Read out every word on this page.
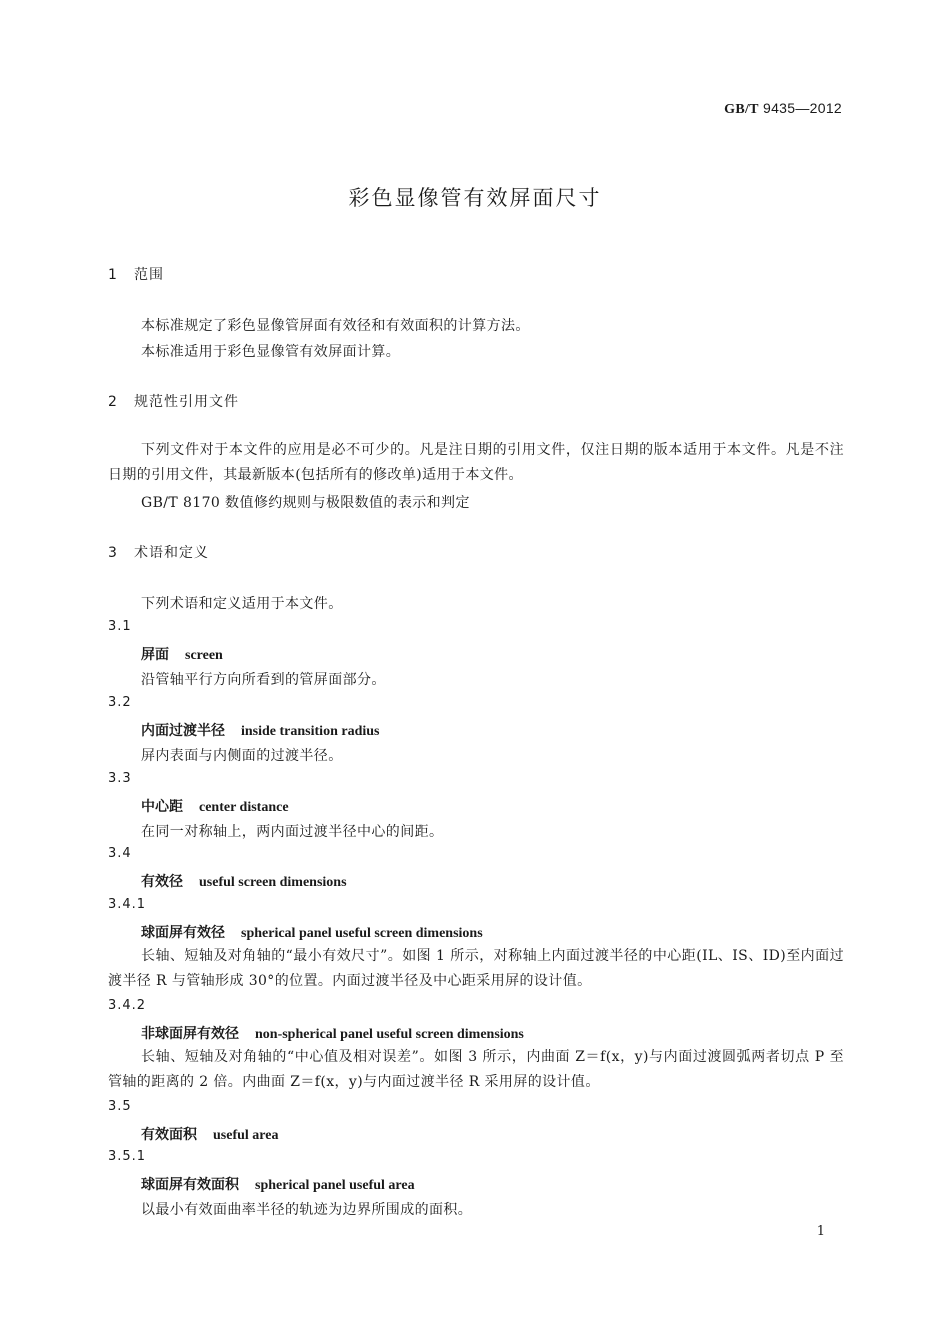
GB/T 9435—2012
彩色显像管有效屏面尺寸
1 范围
本标准规定了彩色显像管屏面有效径和有效面积的计算方法。
本标准适用于彩色显像管有效屏面计算。
2 规范性引用文件
下列文件对于本文件的应用是必不可少的。凡是注日期的引用文件，仅注日期的版本适用于本文件。凡是不注日期的引用文件，其最新版本(包括所有的修改单)适用于本文件。
GB/T 8170 数值修约规则与极限数值的表示和判定
3 术语和定义
下列术语和定义适用于本文件。
3.1
屏面 screen
沿管轴平行方向所看到的管屏面部分。
3.2
内面过渡半径 inside transition radius
屏内表面与内侧面的过渡半径。
3.3
中心距 center distance
在同一对称轴上，两内面过渡半径中心的间距。
3.4
有效径 useful screen dimensions
3.4.1
球面屏有效径 spherical panel useful screen dimensions
长轴、短轴及对角轴的“最小有效尺寸”。如图 1 所示，对称轴上内面过渡半径的中心距(IL、IS、ID)至内面过渡半径 R 与管轴形成 30°的位置。内面过渡半径及中心距采用屏的设计值。
3.4.2
非球面屏有效径 non-spherical panel useful screen dimensions
长轴、短轴及对角轴的“中心值及相对误差”。如图 3 所示，内曲面 Z＝f(x，y)与内面过渡圆弧两者切点 P 至管轴的距离的 2 倍。内曲面 Z＝f(x，y)与内面过渡半径 R 采用屏的设计值。
3.5
有效面积 useful area
3.5.1
球面屏有效面积 spherical panel useful area
以最小有效面曲率半径的轨迹为边界所围成的面积。
1
